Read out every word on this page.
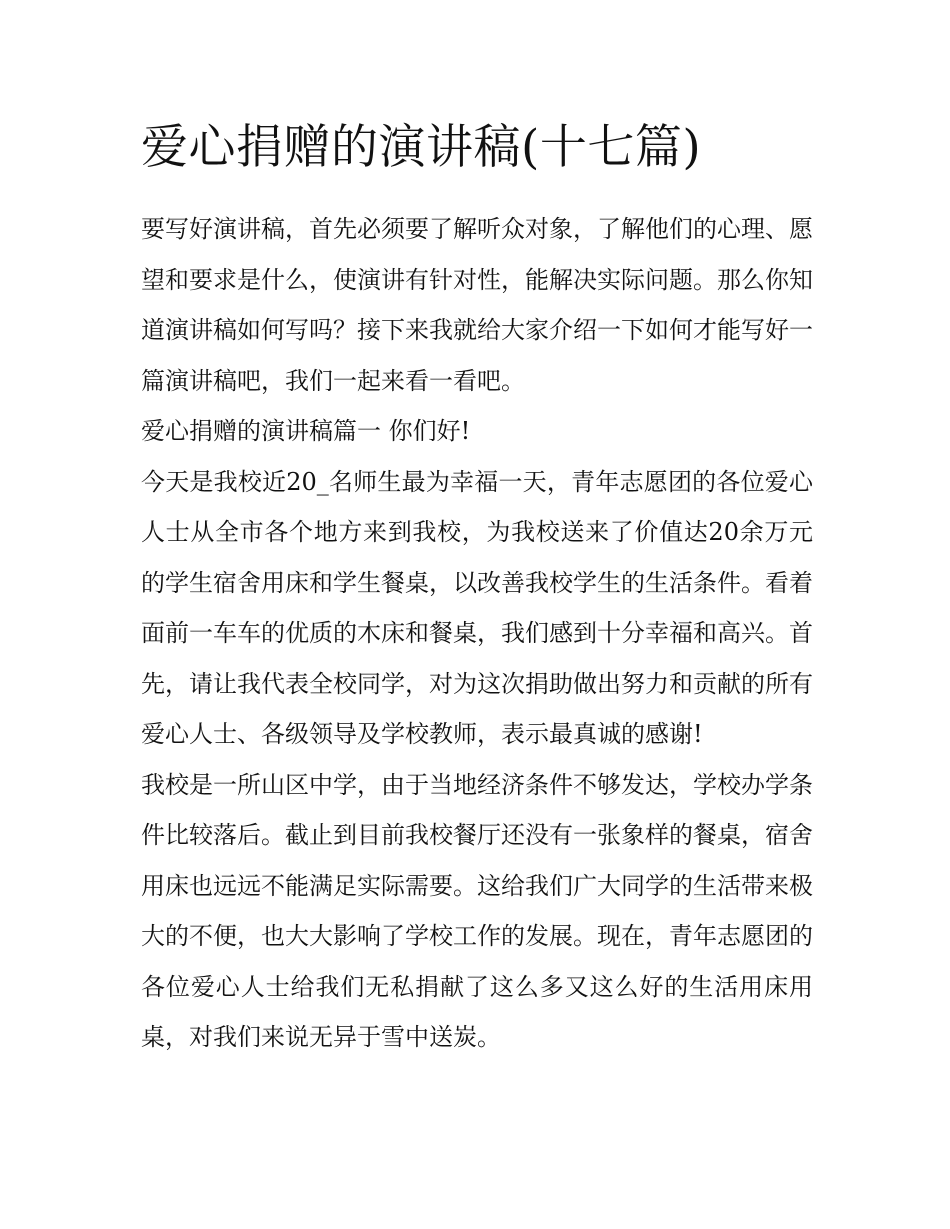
爱心捐赠的演讲稿(十七篇)

要写好演讲稿，首先必须要了解听众对象，了解他们的心理、愿望和要求是什么，使演讲有针对性，能解决实际问题。那么你知道演讲稿如何写吗？接下来我就给大家介绍一下如何才能写好一篇演讲稿吧，我们一起来看一看吧。

爱心捐赠的演讲稿篇一 你们好!

今天是我校近20_名师生最为幸福一天，青年志愿团的各位爱心人士从全市各个地方来到我校，为我校送来了价值达20余万元的学生宿舍用床和学生餐桌，以改善我校学生的生活条件。看着面前一车车的优质的木床和餐桌，我们感到十分幸福和高兴。首先，请让我代表全校同学，对为这次捐助做出努力和贡献的所有爱心人士、各级领导及学校教师，表示最真诚的感谢!

我校是一所山区中学，由于当地经济条件不够发达，学校办学条件比较落后。截止到目前我校餐厅还没有一张象样的餐桌，宿舍用床也远远不能满足实际需要。这给我们广大同学的生活带来极大的不便，也大大影响了学校工作的发展。现在，青年志愿团的各位爱心人士给我们无私捐献了这么多又这么好的生活用床用桌，对我们来说无异于雪中送炭。
